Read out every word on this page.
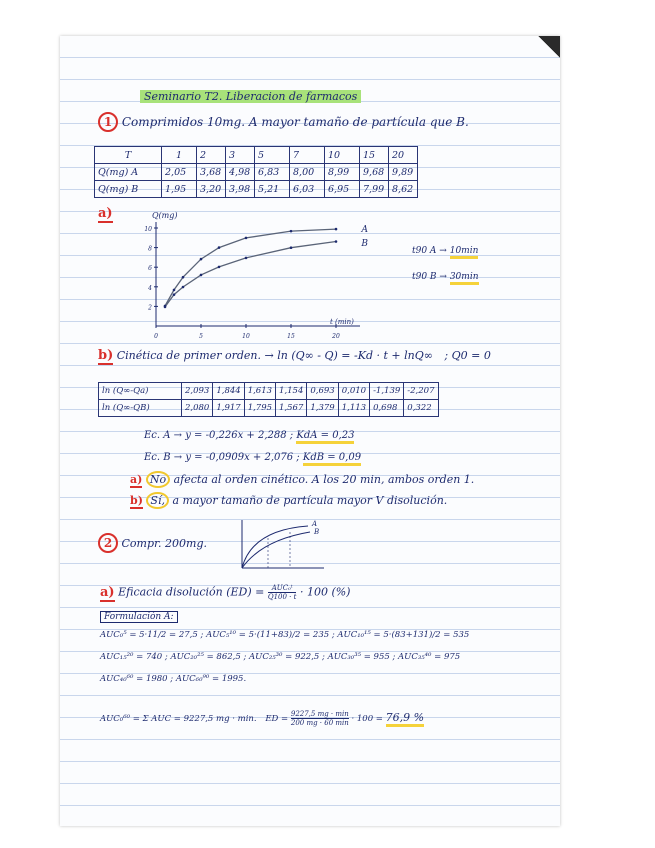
Seminario T2. Liberacion de farmacos
1 Comprimidos 10mg. A mayor tamaño de partícula que B.
T	1	2	3	5	7	10	15	20
Q(mg) A	2,05	3,68	4,98	6,83	8,00	8,99	9,68	9,89
Q(mg) B	1,95	3,20	3,98	5,21	6,03	6,95	7,99	8,62
a)	Q(mg)
10
8
6
4
2
0	5	10	15	20
A
B
t (min)
t90 A → 10min
t90 B → 30min
b) Cinética de primer orden. → ln (Q∞ - Q) = -Kd · t + lnQ∞ ; Q0 = 0
ln (Q∞-Qa)	2,093	1,844	1,613	1,154	0,693	0,010	-1,139	-2,207
ln (Q∞-QB)	2,080	1,917	1,795	1,567	1,379	1,113	0,698	0,322
Ec. A → y = -0,226x + 2,288 ; KdA = 0,23
Ec. B → y = -0,0909x + 2,076 ; KdB = 0,09
a) No afecta al orden cinético. A los 20 min, ambos orden 1.
b) Sí, a mayor tamaño de partícula mayor V disolución.
2 Compr. 200mg.
A
B
a) Eficacia disolución $(ED) = \frac{\text{AUC₀ᵗ}}{Q100 \cdot t} \cdot 100$ (%)
Formulación A:
AUC₀⁵ = 5·11/2 = 27,5 ; AUC₅¹⁰ = 5·(11+83)/2 = 235 ; AUC₁₀¹⁵ = 5·(83+131)/2 = 535
AUC₁₅²⁰ = 740 ; AUC₂₀²⁵ = 862,5 ; AUC₂₅³⁰ = 922,5 ; AUC₃₀³⁵ = 955 ; AUC₃₅⁴⁰ = 975
AUC₄₀⁶⁰ = 1980 ; AUC₆₀⁹⁰ = 1995.
AUC₀⁶⁰ = Σ AUC = 9227,5 mg · min. ED = $\frac{9227,5 mg \cdot \min}{200 mg \cdot 60 \min} \cdot 100 = 76,9$ %
